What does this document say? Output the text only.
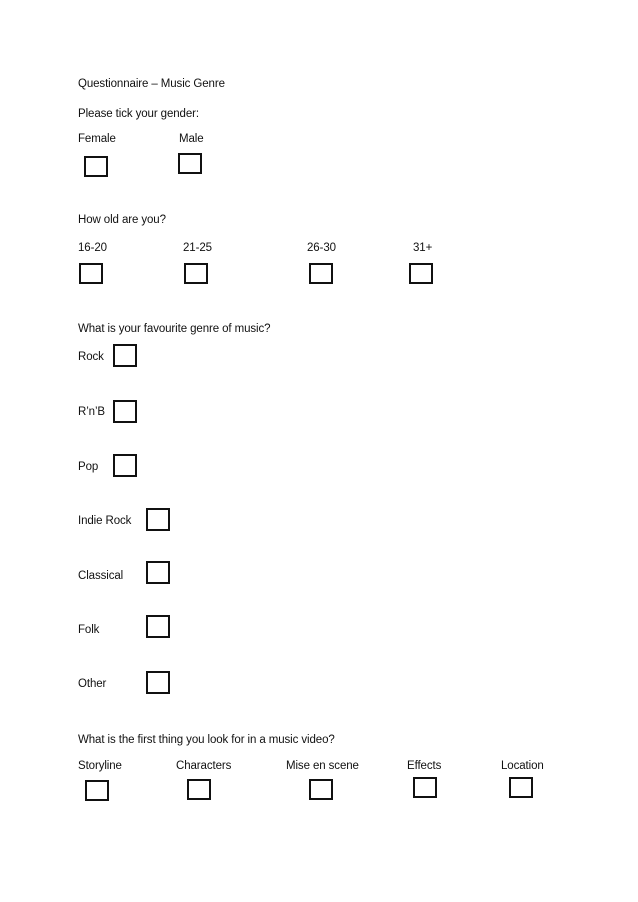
Questionnaire – Music Genre
Please tick your gender:
Female	Male
How old are you?
16-20	21-25	26-30	31+
What is your favourite genre of music?
Rock
R’n’B
Pop
Indie Rock
Classical
Folk
Other
What is the first thing you look for in a music video?
Storyline	Characters	Mise en scene	Effects	Location
